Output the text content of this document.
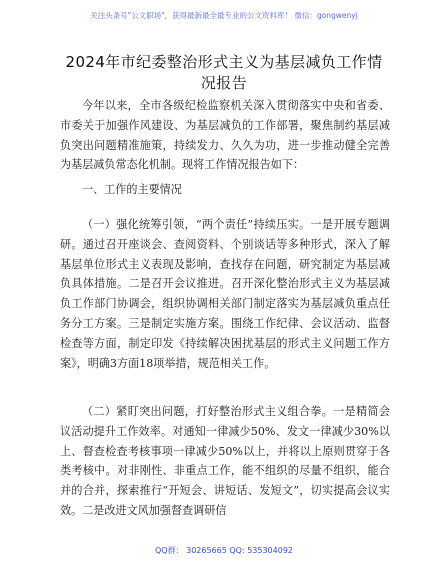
关注头条号"公文职场"，获得最新最全最专业的公文资料库！ 微信：gongwenyj
2024年市纪委整治形式主义为基层减负工作情况报告
今年以来，全市各级纪检监察机关深入贯彻落实中央和省委、市委关于加强作风建设、为基层减负的工作部署，聚焦制约基层减负突出问题精准施策，持续发力、久久为功，进一步推动健全完善为基层减负常态化机制。现将工作情况报告如下：
一、工作的主要情况
（一）强化统筹引领，“两个责任”持续压实。一是开展专题调研。通过召开座谈会、查阅资料、个别谈话等多种形式，深入了解基层单位形式主义表现及影响，查找存在问题，研究制定为基层减负具体措施。二是召开会议推进。召开深化整治形式主义为基层减负工作部门协调会，组织协调相关部门制定落实为基层减负重点任务分工方案。三是制定实施方案。围绕工作纪律、会议活动、监督检查等方面，制定印发《持续解决困扰基层的形式主义问题工作方案》，明确3方面18项举措，规范相关工作。
（二）紧盯突出问题，打好整治形式主义组合拳。一是精简会议活动提升工作效率。对通知一律减少50%、发文一律减少30%以上、督查检查考核事项一律减少50%以上，并将以上原则贯穿于各类考核中。对非刚性、非重点工作，能不组织的尽量不组织，能合并的合并，探索推行“开短会、讲短话、发短文”，切实提高会议实效。二是改进文风加强督查调研信
QQ群： 30265665 QQ: 535304092
